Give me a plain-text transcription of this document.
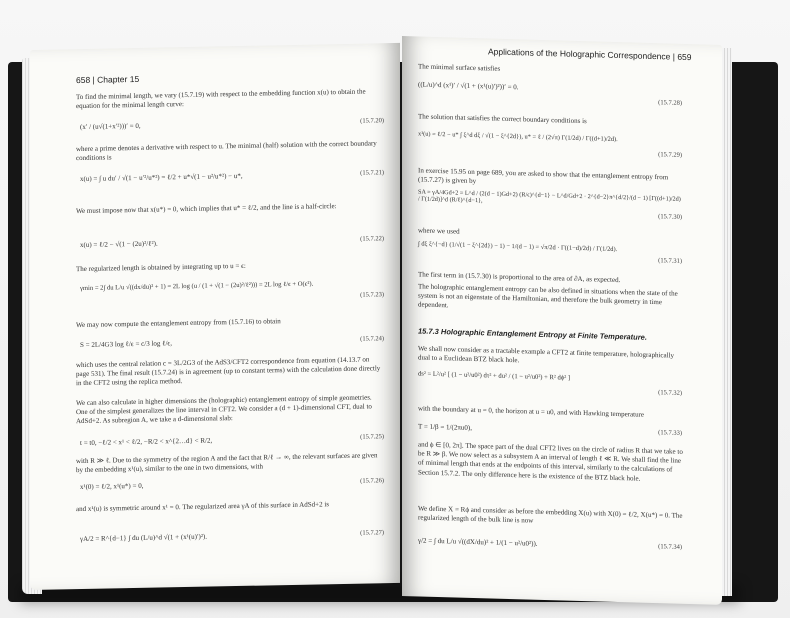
658 | Chapter 15
To find the minimal length, we vary (15.7.19) with respect to the embedding function x(u) to obtain the equation for the minimal length curve:
(x′ / (u√(1+x′²)))′ = 0,
(15.7.20)
where a prime denotes a derivative with respect to u. The minimal (half) solution with the correct boundary conditions is
x(u) = ∫ u du′ / √(1 − u′²/u*²) = ℓ/2 + u*√(1 − u²/u*²) − u*,	(15.7.21)
We must impose now that x(u*) = 0, which implies that u* = ℓ/2, and the line is a half-circle:
x(u) = ℓ/2 − √(1 − (2u)²/ℓ²).
(15.7.22)
The regularized length is obtained by integrating up to u = ϵ:
γmin = 2∫ du L/u √((dx/du)² + 1) = 2L log (u / (1 + √(1 − (2u)²/ℓ²))) = 2L log ℓ/ϵ + O(ϵ²).
(15.7.23)
We may now compute the entanglement entropy from (15.7.16) to obtain
S = 2L/4G3 log ℓ/ϵ = c/3 log ℓ/ϵ,
(15.7.24)
which uses the central relation c = 3L/2G3 of the AdS3/CFT2 correspondence from equation (14.13.7 on page 531). The final result (15.7.24) is in agreement (up to constant terms) with the calculation done directly in the CFT2 using the replica method.
We can also calculate in higher dimensions the (holographic) entanglement entropy of simple geometries. One of the simplest generalizes the line interval in CFT2. We consider a (d + 1)-dimensional CFT, dual to AdSd+2. As subregion A, we take a d-dimensional slab:
t = t0, −ℓ/2 < x¹ < ℓ/2, −R/2 < x^{2…d} < R/2,	(15.7.25)
with R ≫ ℓ. Due to the symmetry of the region A and the fact that R/ℓ → ∞, the relevant surfaces are given by the embedding x¹(u), similar to the one in two dimensions, with
x¹(0) = ℓ/2, x¹(u*) = 0,
(15.7.26)
and x¹(u) is symmetric around x¹ = 0. The regularized area γA of this surface in AdSd+2 is
γA/2 = R^{d−1} ∫ du (L/u)^d √(1 + (x¹(u)′)²).	(15.7.27)
Applications of the Holographic Correspondence | 659
The minimal surface satisfies
((L/u)^d (x¹)′ / √(1 + (x¹(u)′)²))′ = 0.
(15.7.28)
The solution that satisfies the correct boundary conditions is
x¹(u) = ℓ/2 − u* ∫ ξ^d dξ / √(1 − ξ^{2d}), u* = ℓ / (2√π) Γ(1/2d) / Γ((d+1)/2d).
(15.7.29)
In exercise 15.95 on page 689, you are asked to show that the entanglement entropy from (15.7.27) is given by
SA = γA/4Gd+2 = L^d / (2(d − 1)Gd+2) (R/ϵ)^{d−1} − L^d/Gd+2 · 2^{d−2}π^{d/2}/(d − 1) [Γ((d+1)/2d) / Γ(1/2d)]^d (R/ℓ)^{d−1},
(15.7.30)
where we used
∫ dξ ξ^{−d} (1/√(1 − ξ^{2d}) − 1) − 1/(d − 1) = √π/2d · Γ((1−d)/2d) / Γ(1/2d).
(15.7.31)
The first term in (15.7.30) is proportional to the area of ∂A, as expected.
The holographic entanglement entropy can be also defined in situations when the state of the system is not an eigenstate of the Hamiltonian, and therefore the bulk geometry in time dependent.
15.7.3 Holographic Entanglement Entropy at Finite Temperature.
We shall now consider as a tractable example a CFT2 at finite temperature, holographically dual to a Euclidean BTZ black hole.
ds² = L²/u² [ (1 − u²/u0²) dτ² + du² / (1 − u²/u0²) + R² dϕ² ]
(15.7.32)
with the boundary at u = 0, the horizon at u = u0, and with Hawking temperature
T = 1/β = 1/(2πu0),
(15.7.33)
and ϕ ∈ [0, 2π]. The space part of the dual CFT2 lives on the circle of radius R that we take to be R ≫ β. We now select as a subsystem A an interval of length ℓ ≪ R. We shall find the line of minimal length that ends at the endpoints of this interval, similarly to the calculations of Section 15.7.2. The only difference here is the existence of the BTZ black hole.
We define X = Rϕ and consider as before the embedding X(u) with X(0) = ℓ/2, X(u*) = 0. The regularized length of the bulk line is now
γ/2 = ∫ du L/u √((dX/du)² + 1/(1 − u²/u0²)).	(15.7.34)
